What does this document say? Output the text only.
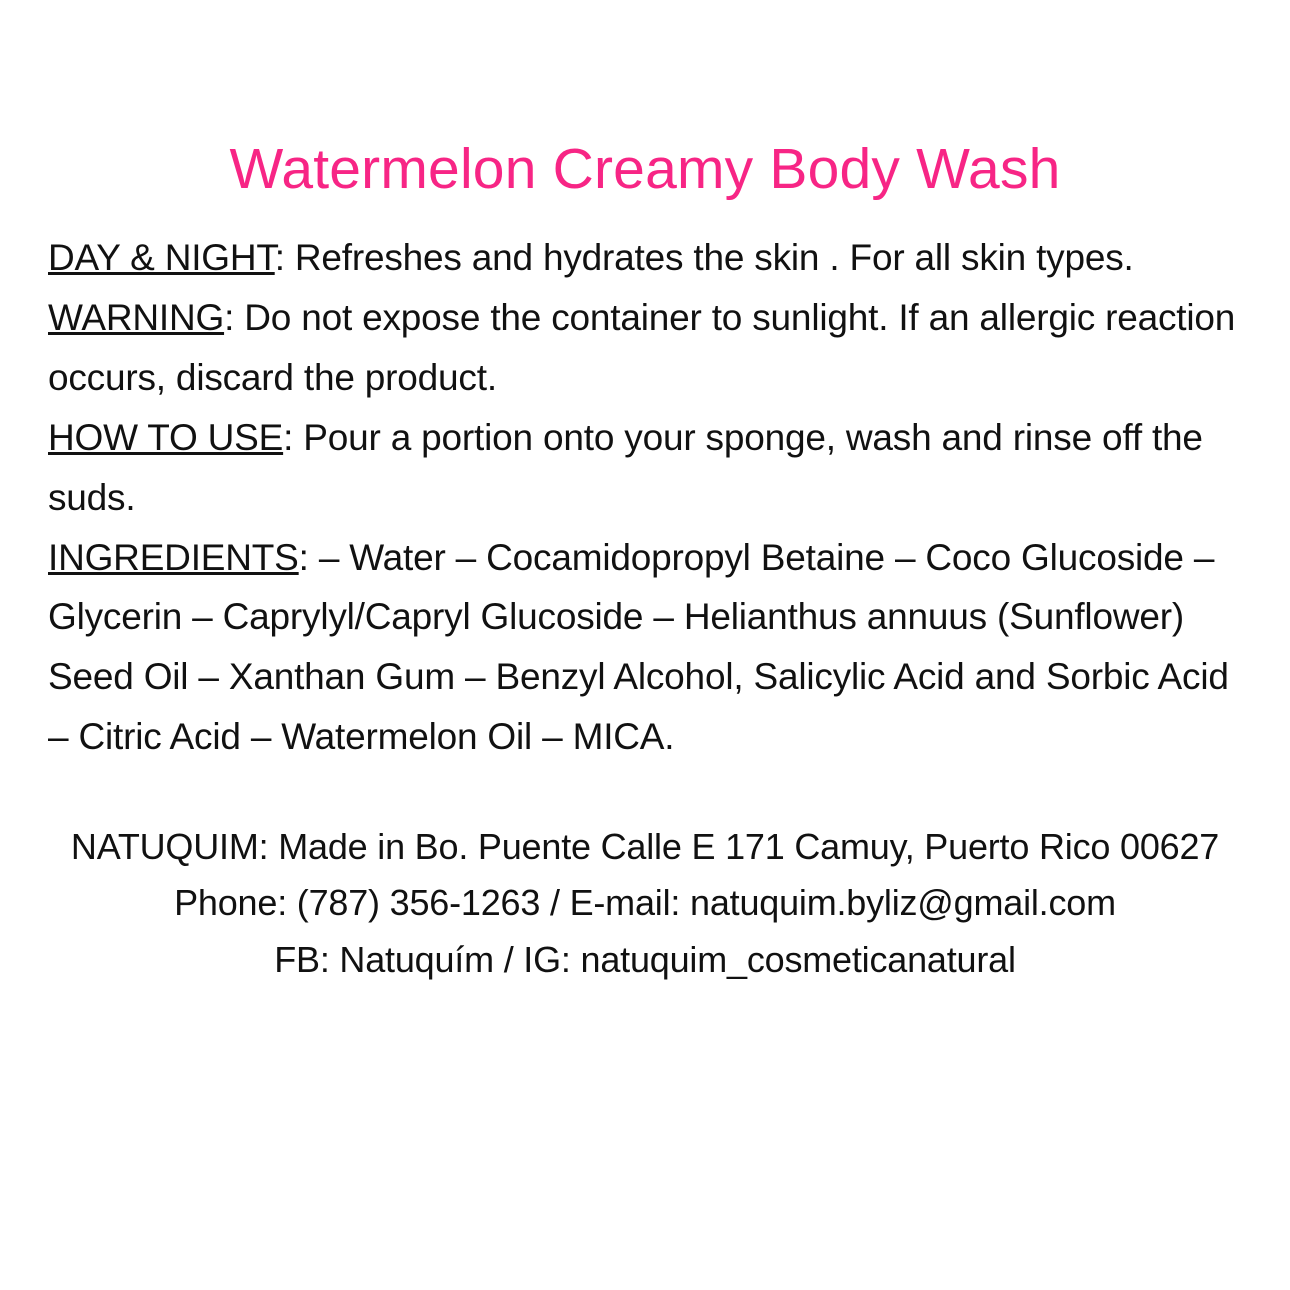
Watermelon Creamy Body Wash

DAY & NIGHT: Refreshes and hydrates the skin . For all skin types.

WARNING: Do not expose the container to sunlight. If an allergic reaction occurs, discard the product.

HOW TO USE: Pour a portion onto your sponge, wash and rinse off the suds.

INGREDIENTS: – Water – Cocamidopropyl Betaine – Coco Glucoside – Glycerin – Caprylyl/Capryl Glucoside – Helianthus annuus (Sunflower) Seed Oil – Xanthan Gum – Benzyl Alcohol, Salicylic Acid and Sorbic Acid – Citric Acid – Watermelon Oil – MICA.

NATUQUIM: Made in Bo. Puente Calle E 171 Camuy, Puerto Rico 00627

Phone: (787) 356-1263 / E-mail: natuquim.byliz@gmail.com

FB: Natuquím / IG: natuquim_cosmeticanatural
